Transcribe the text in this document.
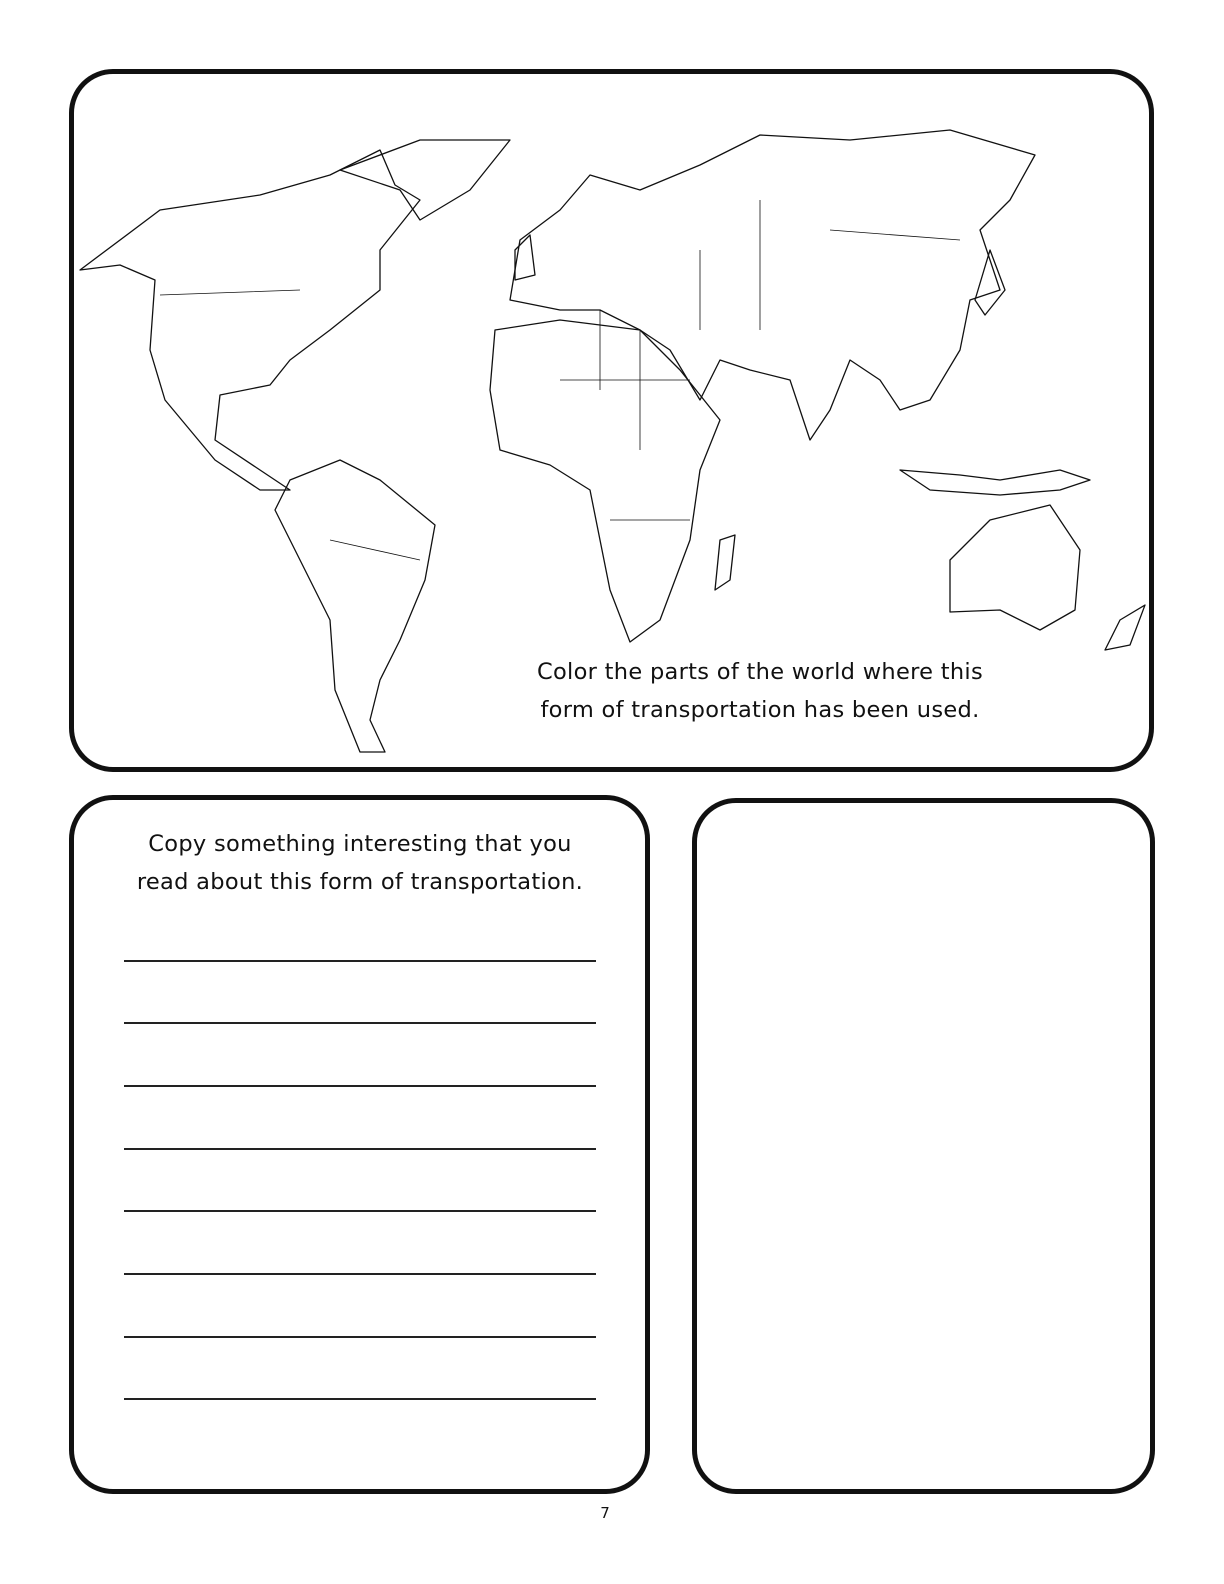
Color the parts of the world where this
form of transportation has been used.
Copy something interesting that you
read about this form of transportation.
7
